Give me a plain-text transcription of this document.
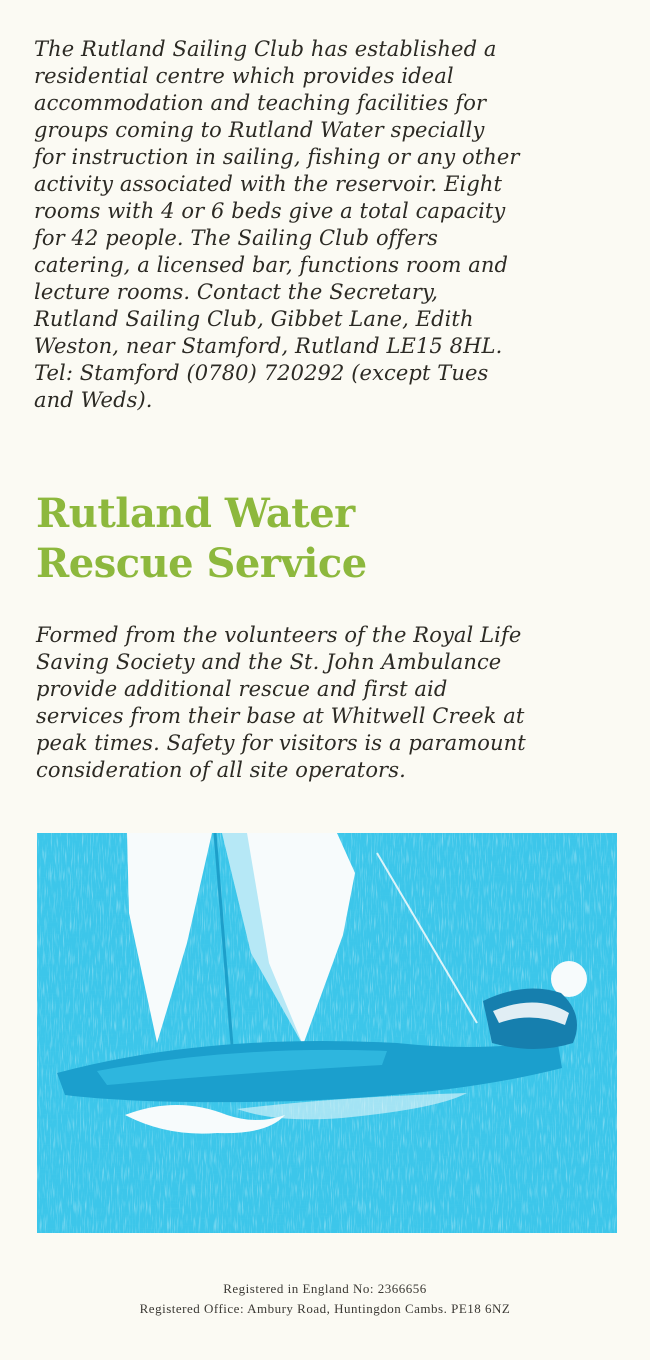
The Rutland Sailing Club has established a
residential centre which provides ideal
accommodation and teaching facilities for
groups coming to Rutland Water specially
for instruction in sailing, fishing or any other
activity associated with the reservoir. Eight
rooms with 4 or 6 beds give a total capacity
for 42 people. The Sailing Club offers
catering, a licensed bar, functions room and
lecture rooms. Contact the Secretary,
Rutland Sailing Club, Gibbet Lane, Edith
Weston, near Stamford, Rutland LE15 8HL.
Tel: Stamford (0780) 720292 (except Tues
and Weds).

Rutland Water
Rescue Service

Formed from the volunteers of the Royal Life
Saving Society and the St. John Ambulance
provide additional rescue and first aid
services from their base at Whitwell Creek at
peak times. Safety for visitors is a paramount
consideration of all site operators.

Registered in England No: 2366656

Registered Office: Ambury Road, Huntingdon Cambs. PE18 6NZ
